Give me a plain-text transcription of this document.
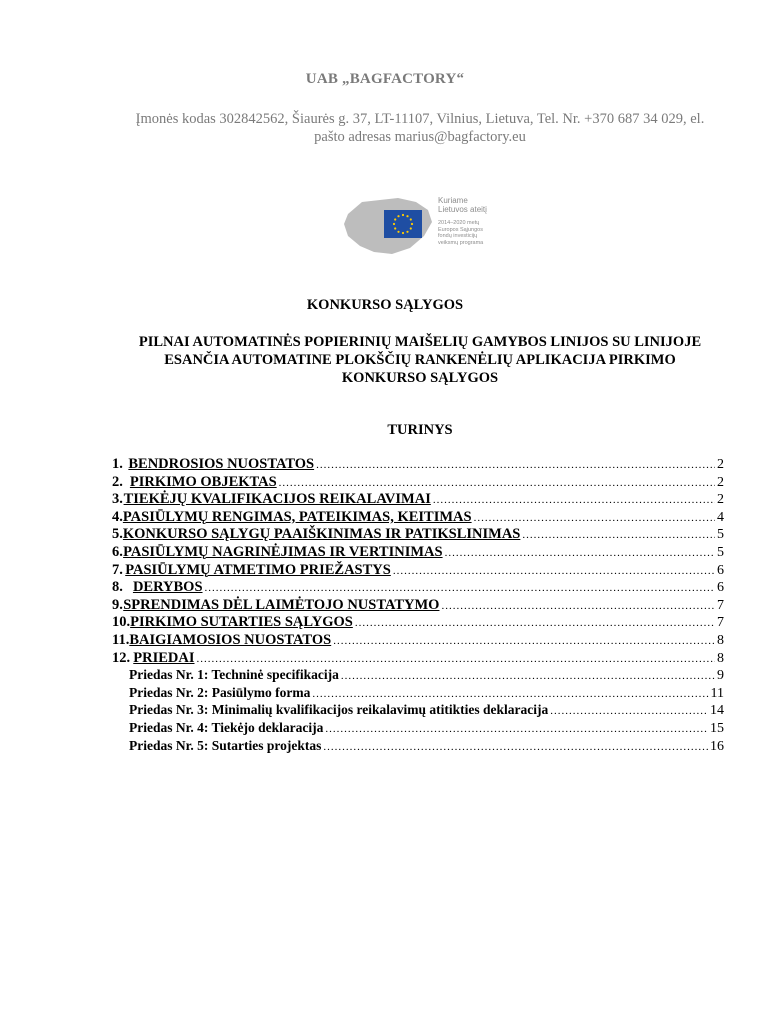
UAB „BAGFACTORY“
Įmonės kodas 302842562, Šiaurės g. 37, LT-11107, Vilnius, Lietuva, Tel. Nr. +370 687 34 029, el.
pašto adresas marius@bagfactory.eu
Kuriame
Lietuvos ateitį
2014–2020 metų
Europos Sąjungos
fondų investicijų
veiksmų programa
KONKURSO SĄLYGOS
PILNAI AUTOMATINĖS POPIERINIŲ MAIŠELIŲ GAMYBOS LINIJOS SU LINIJOJE
ESANČIA AUTOMATINE PLOKŠČIŲ RANKENĖLIŲ APLIKACIJA PIRKIMO
KONKURSO SĄLYGOS
TURINYS
1. BENDROSIOS NUOSTATOS .....	2
2. PIRKIMO OBJEKTAS .....	2
3. TIEKĖJŲ KVALIFIKACIJOS REIKALAVIMAI .....	2
4. PASIŪLYMŲ RENGIMAS, PATEIKIMAS, KEITIMAS .....	4
5. KONKURSO SĄLYGŲ PAAIŠKINIMAS IR PATIKSLINIMAS .....	5
6. PASIŪLYMŲ NAGRINĖJIMAS IR VERTINIMAS .....	5
7. PASIŪLYMŲ ATMETIMO PRIEŽASTYS .....	6
8. DERYBOS .....	6
9. SPRENDIMAS DĖL LAIMĖTOJO NUSTATYMO .....	7
10. PIRKIMO SUTARTIES SĄLYGOS .....	7
11. BAIGIAMOSIOS NUOSTATOS .....	8
12. PRIEDAI .....	8
Priedas Nr. 1: Techninė specifikacija .....	9
Priedas Nr. 2: Pasiūlymo forma .....	11
Priedas Nr. 3: Minimalių kvalifikacijos reikalavimų atitikties deklaracija .....	14
Priedas Nr. 4: Tiekėjo deklaracija .....	15
Priedas Nr. 5: Sutarties projektas .....	16
